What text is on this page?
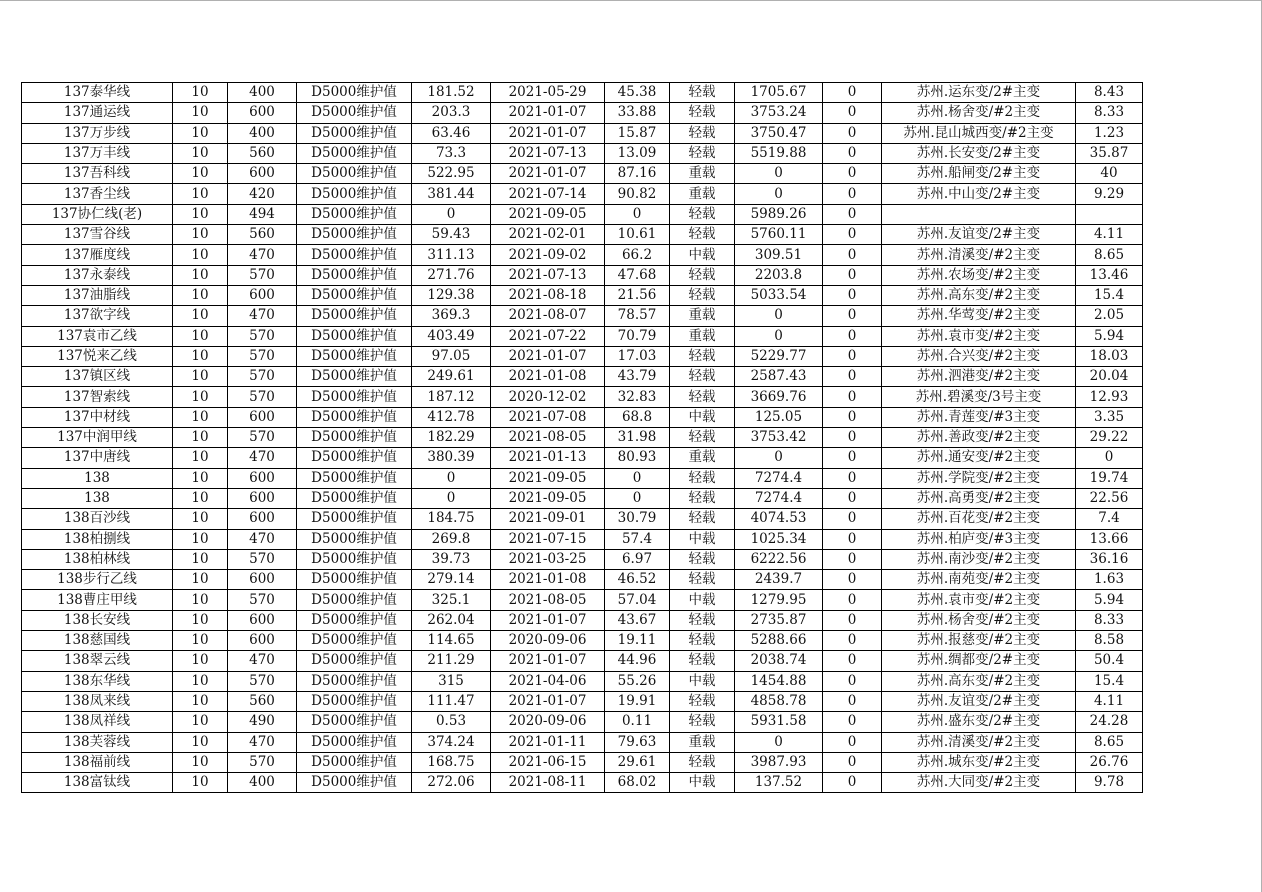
137泰华线	10	400	D5000维护值	181.52	2021-05-29	45.38	轻载	1705.67	0	苏州.运东变/2#主变	8.43
137通运线	10	600	D5000维护值	203.3	2021-01-07	33.88	轻载	3753.24	0	苏州.杨舍变/#2主变	8.33
137万步线	10	400	D5000维护值	63.46	2021-01-07	15.87	轻载	3750.47	0	苏州.昆山城西变/#2主变	1.23
137万丰线	10	560	D5000维护值	73.3	2021-07-13	13.09	轻载	5519.88	0	苏州.长安变/2#主变	35.87
137吾科线	10	600	D5000维护值	522.95	2021-01-07	87.16	重载	0	0	苏州.船闸变/2#主变	40
137香尘线	10	420	D5000维护值	381.44	2021-07-14	90.82	重载	0	0	苏州.中山变/2#主变	9.29
137协仁线(老)	10	494	D5000维护值	0	2021-09-05	0	轻载	5989.26	0		
137雪谷线	10	560	D5000维护值	59.43	2021-02-01	10.61	轻载	5760.11	0	苏州.友谊变/2#主变	4.11
137雁度线	10	470	D5000维护值	311.13	2021-09-02	66.2	中载	309.51	0	苏州.清溪变/#2主变	8.65
137永泰线	10	570	D5000维护值	271.76	2021-07-13	47.68	轻载	2203.8	0	苏州.农场变/#2主变	13.46
137油脂线	10	600	D5000维护值	129.38	2021-08-18	21.56	轻载	5033.54	0	苏州.高东变/#2主变	15.4
137欲字线	10	470	D5000维护值	369.3	2021-08-07	78.57	重载	0	0	苏州.华莺变/#2主变	2.05
137袁市乙线	10	570	D5000维护值	403.49	2021-07-22	70.79	重载	0	0	苏州.袁市变/#2主变	5.94
137悦来乙线	10	570	D5000维护值	97.05	2021-01-07	17.03	轻载	5229.77	0	苏州.合兴变/#2主变	18.03
137镇区线	10	570	D5000维护值	249.61	2021-01-08	43.79	轻载	2587.43	0	苏州.泗港变/#2主变	20.04
137智索线	10	570	D5000维护值	187.12	2020-12-02	32.83	轻载	3669.76	0	苏州.碧溪变/3号主变	12.93
137中材线	10	600	D5000维护值	412.78	2021-07-08	68.8	中载	125.05	0	苏州.青莲变/#3主变	3.35
137中润甲线	10	570	D5000维护值	182.29	2021-08-05	31.98	轻载	3753.42	0	苏州.善政变/#2主变	29.22
137中唐线	10	470	D5000维护值	380.39	2021-01-13	80.93	重载	0	0	苏州.通安变/#2主变	0
138	10	600	D5000维护值	0	2021-09-05	0	轻载	7274.4	0	苏州.学院变/#2主变	19.74
138	10	600	D5000维护值	0	2021-09-05	0	轻载	7274.4	0	苏州.高勇变/#2主变	22.56
138百沙线	10	600	D5000维护值	184.75	2021-09-01	30.79	轻载	4074.53	0	苏州.百花变/#2主变	7.4
138柏捌线	10	470	D5000维护值	269.8	2021-07-15	57.4	中载	1025.34	0	苏州.柏庐变/#3主变	13.66
138柏林线	10	570	D5000维护值	39.73	2021-03-25	6.97	轻载	6222.56	0	苏州.南沙变/#2主变	36.16
138步行乙线	10	600	D5000维护值	279.14	2021-01-08	46.52	轻载	2439.7	0	苏州.南苑变/#2主变	1.63
138曹庄甲线	10	570	D5000维护值	325.1	2021-08-05	57.04	中载	1279.95	0	苏州.袁市变/#2主变	5.94
138长安线	10	600	D5000维护值	262.04	2021-01-07	43.67	轻载	2735.87	0	苏州.杨舍变/#2主变	8.33
138慈国线	10	600	D5000维护值	114.65	2020-09-06	19.11	轻载	5288.66	0	苏州.报慈变/#2主变	8.58
138翠云线	10	470	D5000维护值	211.29	2021-01-07	44.96	轻载	2038.74	0	苏州.绸都变/2#主变	50.4
138东华线	10	570	D5000维护值	315	2021-04-06	55.26	中载	1454.88	0	苏州.高东变/#2主变	15.4
138凤来线	10	560	D5000维护值	111.47	2021-01-07	19.91	轻载	4858.78	0	苏州.友谊变/2#主变	4.11
138凤祥线	10	490	D5000维护值	0.53	2020-09-06	0.11	轻载	5931.58	0	苏州.盛东变/2#主变	24.28
138芙蓉线	10	470	D5000维护值	374.24	2021-01-11	79.63	重载	0	0	苏州.清溪变/#2主变	8.65
138福前线	10	570	D5000维护值	168.75	2021-06-15	29.61	轻载	3987.93	0	苏州.城东变/#2主变	26.76
138富钛线	10	400	D5000维护值	272.06	2021-08-11	68.02	中载	137.52	0	苏州.大同变/#2主变	9.78
